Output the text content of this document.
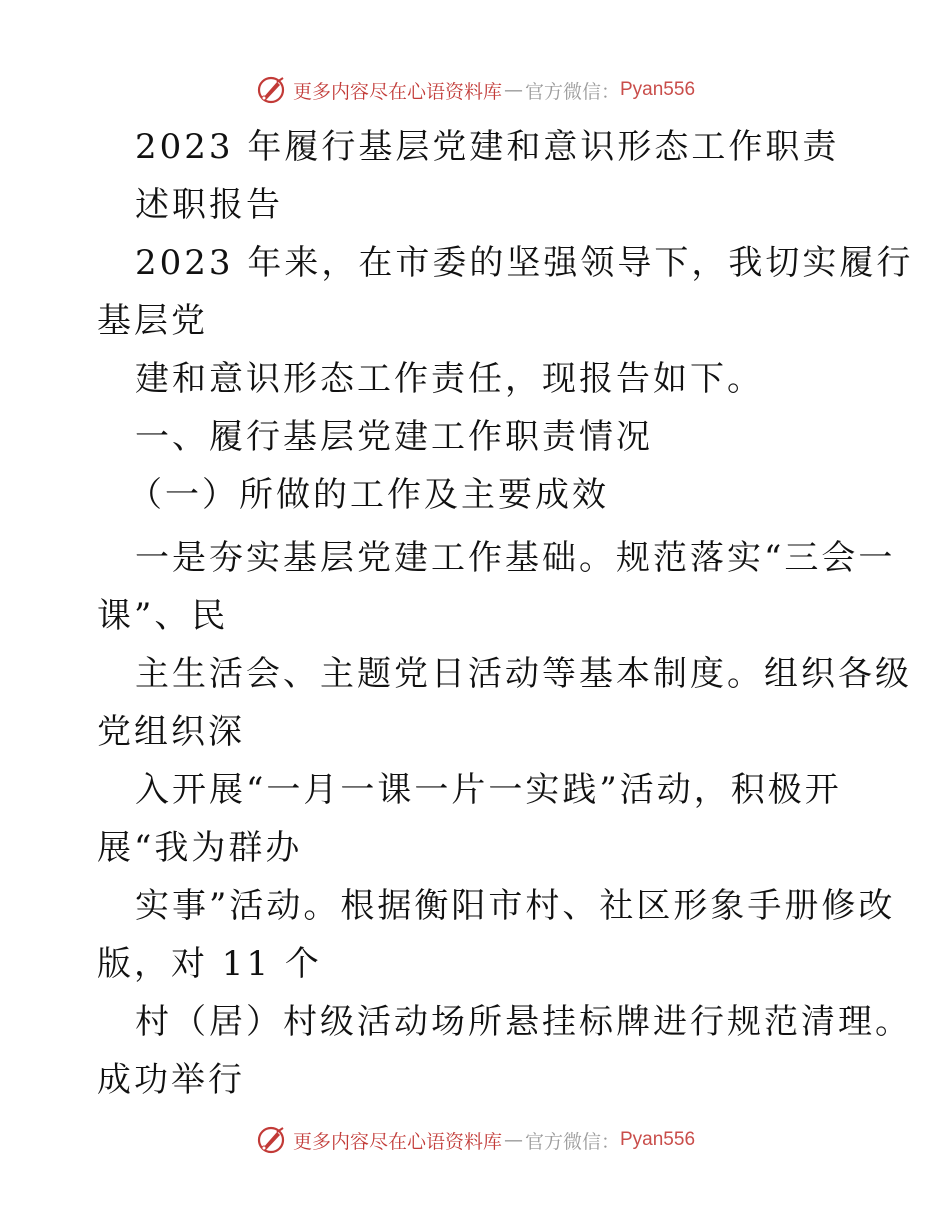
更多内容尽在心语资料库 — 官方微信： Pyan556
2023 年履行基层党建和意识形态工作职责
述职报告
2023 年来，在市委的坚强领导下，我切实履行
基层党
建和意识形态工作责任，现报告如下。
一、履行基层党建工作职责情况
（一）所做的工作及主要成效
一是夯实基层党建工作基础。规范落实“三会一
课”、民
主生活会、主题党日活动等基本制度。组织各级
党组织深
入开展“一月一课一片一实践”活动，积极开
展“我为群办
实事”活动。根据衡阳市村、社区形象手册修改
版，对 11 个
村（居）村级活动场所悬挂标牌进行规范清理。
成功举行
更多内容尽在心语资料库 — 官方微信： Pyan556
